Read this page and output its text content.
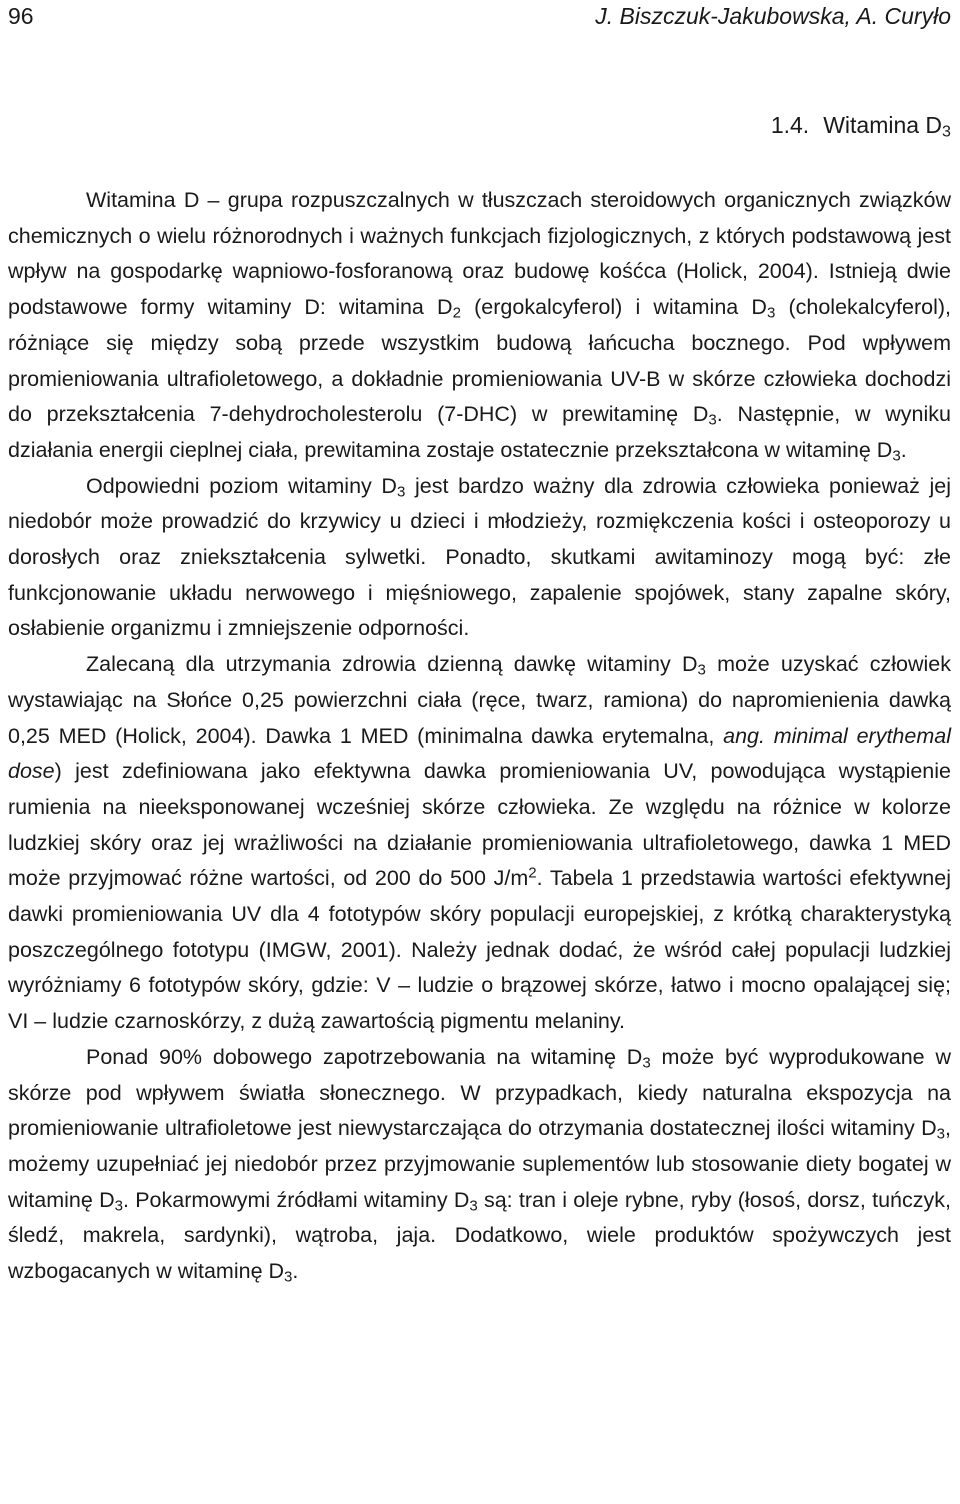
96	J. Biszczuk-Jakubowska, A. Curyło
1.4. Witamina $D_3$

Witamina D – grupa rozpuszczalnych w tłuszczach steroidowych organicznych związków chemicznych o wielu różnorodnych i ważnych funkcjach fizjologicznych, z których podstawową jest wpływ na gospodarkę wapniowo-fosforanową oraz budowę kośćca (Holick, 2004). Istnieją dwie podstawowe formy witaminy D: witamina $D_2$ (ergokalcyferol) i witamina $D_3$ (cholekalcyferol), różniące się między sobą przede wszystkim budową łańcucha bocznego. Pod wpływem promieniowania ultrafioletowego, a dokładnie promieniowania UV-B w skórze człowieka dochodzi do przekształcenia 7-dehydrocholesterolu (7-DHC) w prewitaminę $D_3$. Następnie, w wyniku działania energii cieplnej ciała, prewitamina zostaje ostatecznie przekształcona w witaminę $D_3$.

Odpowiedni poziom witaminy $D_3$ jest bardzo ważny dla zdrowia człowieka ponieważ jej niedobór może prowadzić do krzywicy u dzieci i młodzieży, rozmiękczenia kości i osteoporozy u dorosłych oraz zniekształcenia sylwetki. Ponadto, skutkami awitaminozy mogą być: złe funkcjonowanie układu nerwowego i mięśniowego, zapalenie spojówek, stany zapalne skóry, osłabienie organizmu i zmniejszenie odporności.

Zalecaną dla utrzymania zdrowia dzienną dawkę witaminy $D_3$ może uzyskać człowiek wystawiając na Słońce 0,25 powierzchni ciała (ręce, twarz, ramiona) do napromienienia dawką 0,25 MED (Holick, 2004). Dawka 1 MED (minimalna dawka erytemalna, ang. minimal erythemal dose) jest zdefiniowana jako efektywna dawka promieniowania UV, powodująca wystąpienie rumienia na nieeksponowanej wcześniej skórze człowieka. Ze względu na różnice w kolorze ludzkiej skóry oraz jej wrażliwości na działanie promieniowania ultrafioletowego, dawka 1 MED może przyjmować różne wartości, od 200 do 500 $J/m^2$. Tabela 1 przedstawia wartości efektywnej dawki promieniowania UV dla 4 fototypów skóry populacji europejskiej, z krótką charakterystyką poszczególnego fototypu (IMGW, 2001). Należy jednak dodać, że wśród całej populacji ludzkiej wyróżniamy 6 fototypów skóry, gdzie: V – ludzie o brązowej skórze, łatwo i mocno opalającej się; VI – ludzie czarnoskórzy, z dużą zawartością pigmentu melaniny.

Ponad 90% dobowego zapotrzebowania na witaminę $D_3$ może być wyprodukowane w skórze pod wpływem światła słonecznego. W przypadkach, kiedy naturalna ekspozycja na promieniowanie ultrafioletowe jest niewystarczająca do otrzymania dostatecznej ilości witaminy $D_3$, możemy uzupełniać jej niedobór przez przyjmowanie suplementów lub stosowanie diety bogatej w witaminę $D_3$. Pokarmowymi źródłami witaminy $D_3$ są: tran i oleje rybne, ryby (łosoś, dorsz, tuńczyk, śledź, makrela, sardynki), wątroba, jaja. Dodatkowo, wiele produktów spożywczych jest wzbogacanych w witaminę $D_3$.
